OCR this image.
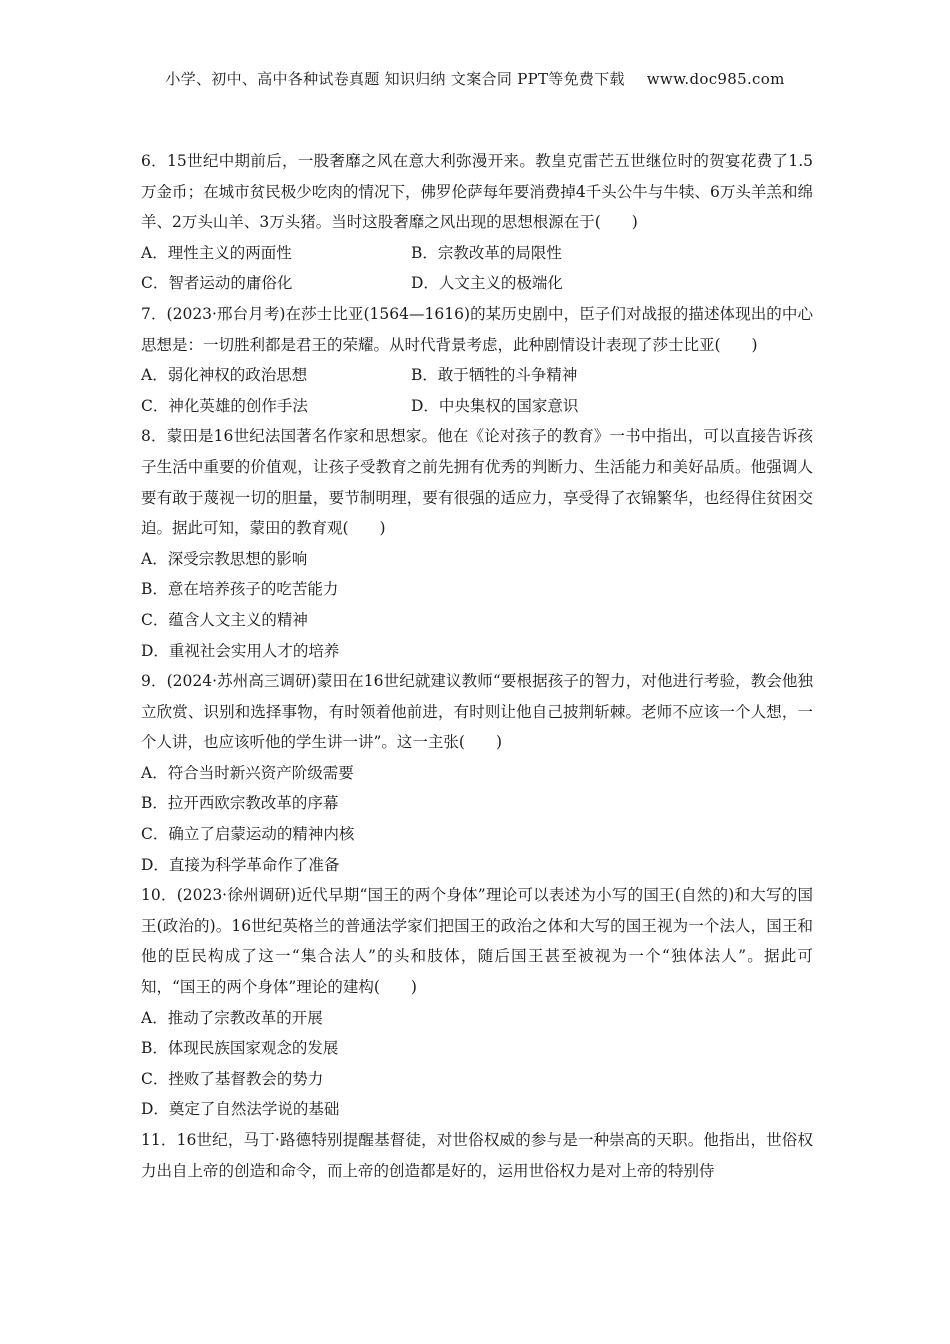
小学、初中、高中各种试卷真题 知识归纳 文案合同 PPT等免费下载 www.doc985.com

6．15世纪中期前后，一股奢靡之风在意大利弥漫开来。教皇克雷芒五世继位时的贺宴花费了1.5万金币；在城市贫民极少吃肉的情况下，佛罗伦萨每年要消费掉4千头公牛与牛犊、6万头羊羔和绵羊、2万头山羊、3万头猪。当时这股奢靡之风出现的思想根源在于(　　)

A．理性主义的两面性	B．宗教改革的局限性
C．智者运动的庸俗化	D．人文主义的极端化

7．(2023·邢台月考)在莎士比亚(1564—1616)的某历史剧中，臣子们对战报的描述体现出的中心思想是：一切胜利都是君王的荣耀。从时代背景考虑，此种剧情设计表现了莎士比亚(　　)

A．弱化神权的政治思想	B．敢于牺牲的斗争精神
C．神化英雄的创作手法	D．中央集权的国家意识

8．蒙田是16世纪法国著名作家和思想家。他在《论对孩子的教育》一书中指出，可以直接告诉孩子生活中重要的价值观，让孩子受教育之前先拥有优秀的判断力、生活能力和美好品质。他强调人要有敢于蔑视一切的胆量，要节制明理，要有很强的适应力，享受得了衣锦繁华，也经得住贫困交迫。据此可知，蒙田的教育观(　　)

A．深受宗教思想的影响

B．意在培养孩子的吃苦能力

C．蕴含人文主义的精神

D．重视社会实用人才的培养

9．(2024·苏州高三调研)蒙田在16世纪就建议教师“要根据孩子的智力，对他进行考验，教会他独立欣赏、识别和选择事物，有时领着他前进，有时则让他自己披荆斩棘。老师不应该一个人想，一个人讲，也应该听他的学生讲一讲”。这一主张(　　)

A．符合当时新兴资产阶级需要

B．拉开西欧宗教改革的序幕

C．确立了启蒙运动的精神内核

D．直接为科学革命作了准备

10．(2023·徐州调研)近代早期“国王的两个身体”理论可以表述为小写的国王(自然的)和大写的国王(政治的)。16世纪英格兰的普通法学家们把国王的政治之体和大写的国王视为一个法人，国王和他的臣民构成了这一“集合法人”的头和肢体，随后国王甚至被视为一个“独体法人”。据此可知，“国王的两个身体”理论的建构(　　)

A．推动了宗教改革的开展

B．体现民族国家观念的发展

C．挫败了基督教会的势力

D．奠定了自然法学说的基础

11．16世纪，马丁·路德特别提醒基督徒，对世俗权威的参与是一种崇高的天职。他指出，世俗权力出自上帝的创造和命令，而上帝的创造都是好的，运用世俗权力是对上帝的特别侍
